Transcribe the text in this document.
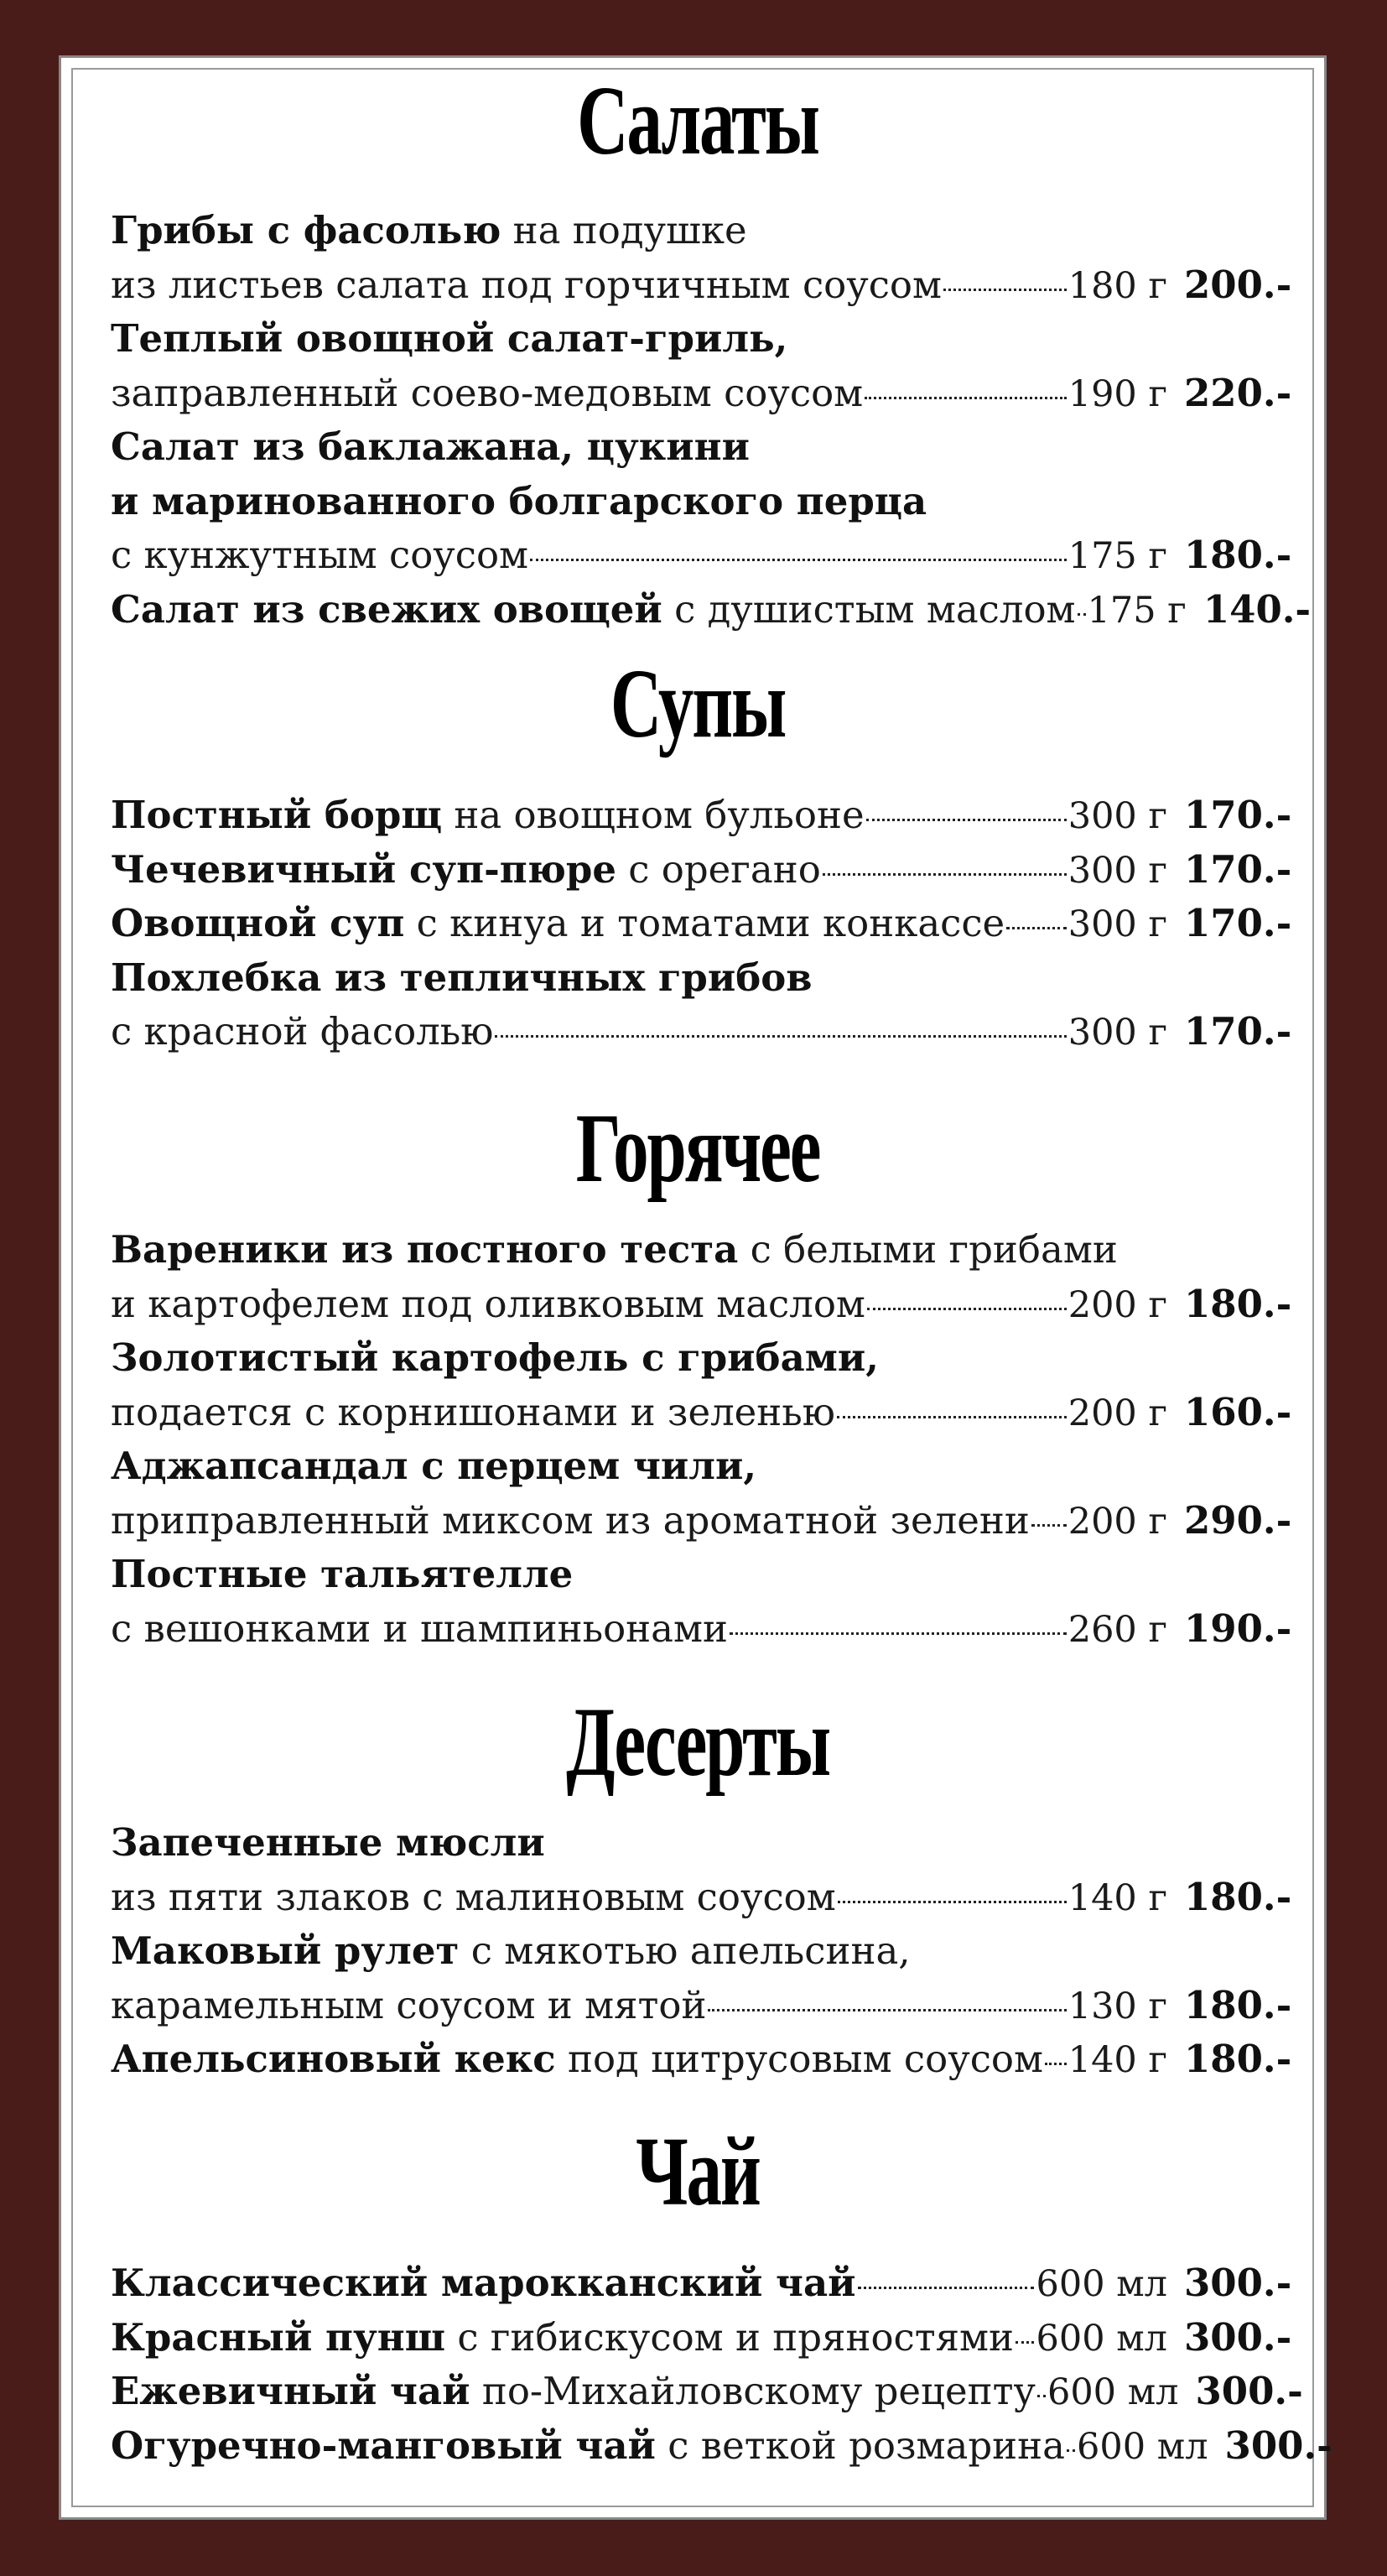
Салаты
Грибы с фасолью на подушке
из листьев салата под горчичным соусом	180 г 200.-
Теплый овощной салат-гриль,
заправленный соево-медовым соусом	190 г 220.-
Салат из баклажана, цукини
и маринованного болгарского перца
с кунжутным соусом	175 г 180.-
Салат из свежих овощей с душистым маслом 175 г 140.-
Супы
Постный борщ на овощном бульоне	300 г 170.-
Чечевичный суп-пюре с орегано	300 г 170.-
Овощной суп с кинуа и томатами конкассе 300 г 170.-
Похлебка из тепличных грибов
с красной фасолью	300 г 170.-
Горячее
Вареники из постного теста с белыми грибами
и картофелем под оливковым маслом	200 г 180.-
Золотистый картофель с грибами,
подается с корнишонами и зеленью	200 г 160.-
Аджапсандал с перцем чили,
приправленный миксом из ароматной зелени 200 г 290.-
Постные тальятелле
с вешонками и шампиньонами	260 г 190.-
Десерты
Запеченные мюсли
из пяти злаков с малиновым соусом	140 г 180.-
Маковый рулет с мякотью апельсина,
карамельным соусом и мятой	130 г 180.-
Апельсиновый кекс под цитрусовым соусом 140 г 180.-
Чай
Классический марокканский чай	600 мл 300.-
Красный пунш с гибискусом и пряностями 600 мл 300.-
Ежевичный чай по-Михайловскому рецепту 600 мл 300.-
Огуречно-манговый чай с веткой розмарина 600 мл 300.-
